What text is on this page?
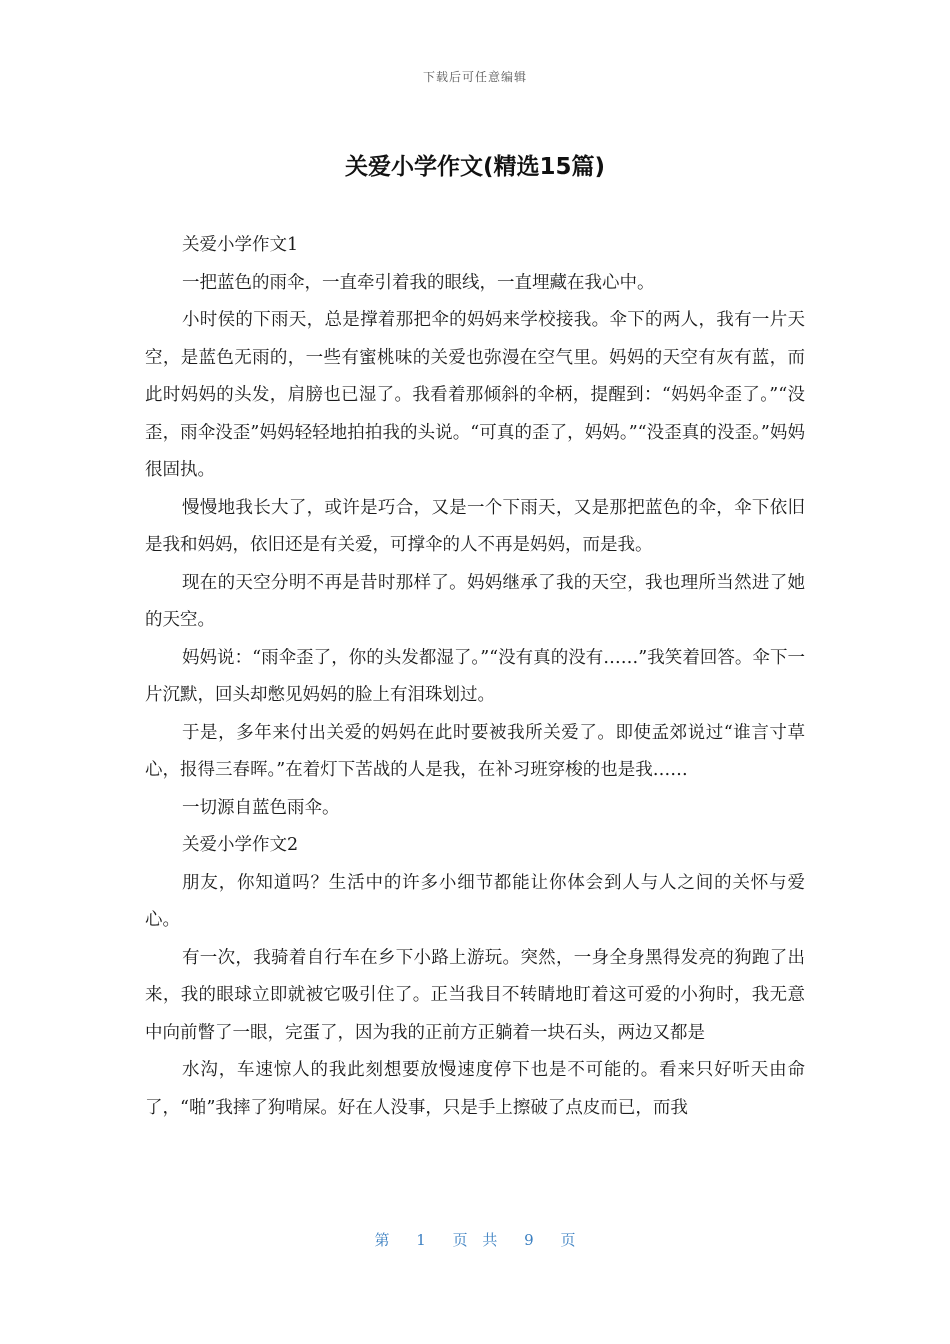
下载后可任意编辑
关爱小学作文(精选15篇)

关爱小学作文1

一把蓝色的雨伞，一直牵引着我的眼线，一直埋藏在我心中。

小时侯的下雨天，总是撑着那把伞的妈妈来学校接我。伞下的两人，我有一片天空，是蓝色无雨的，一些有蜜桃味的关爱也弥漫在空气里。妈妈的天空有灰有蓝，而此时妈妈的头发，肩膀也已湿了。我看着那倾斜的伞柄，提醒到：“妈妈伞歪了。”“没歪，雨伞没歪”妈妈轻轻地拍拍我的头说。“可真的歪了，妈妈。”“没歪真的没歪。”妈妈很固执。

慢慢地我长大了，或许是巧合，又是一个下雨天，又是那把蓝色的伞，伞下依旧是我和妈妈，依旧还是有关爱，可撑伞的人不再是妈妈，而是我。

现在的天空分明不再是昔时那样了。妈妈继承了我的天空，我也理所当然进了她的天空。

妈妈说：“雨伞歪了，你的头发都湿了。”“没有真的没有……”我笑着回答。伞下一片沉默，回头却憋见妈妈的脸上有泪珠划过。

于是，多年来付出关爱的妈妈在此时要被我所关爱了。即使孟郊说过“谁言寸草心，报得三春晖。”在着灯下苦战的人是我，在补习班穿梭的也是我……

一切源自蓝色雨伞。

关爱小学作文2

朋友，你知道吗？生活中的许多小细节都能让你体会到人与人之间的关怀与爱心。

有一次，我骑着自行车在乡下小路上游玩。突然，一身全身黑得发亮的狗跑了出来，我的眼球立即就被它吸引住了。正当我目不转睛地盯着这可爱的小狗时，我无意中向前瞥了一眼，完蛋了，因为我的正前方正躺着一块石头，两边又都是

水沟，车速惊人的我此刻想要放慢速度停下也是不可能的。看来只好听天由命了，“啪”我摔了狗啃屎。好在人没事，只是手上擦破了点皮而已，而我

第 1 页 共 9 页
